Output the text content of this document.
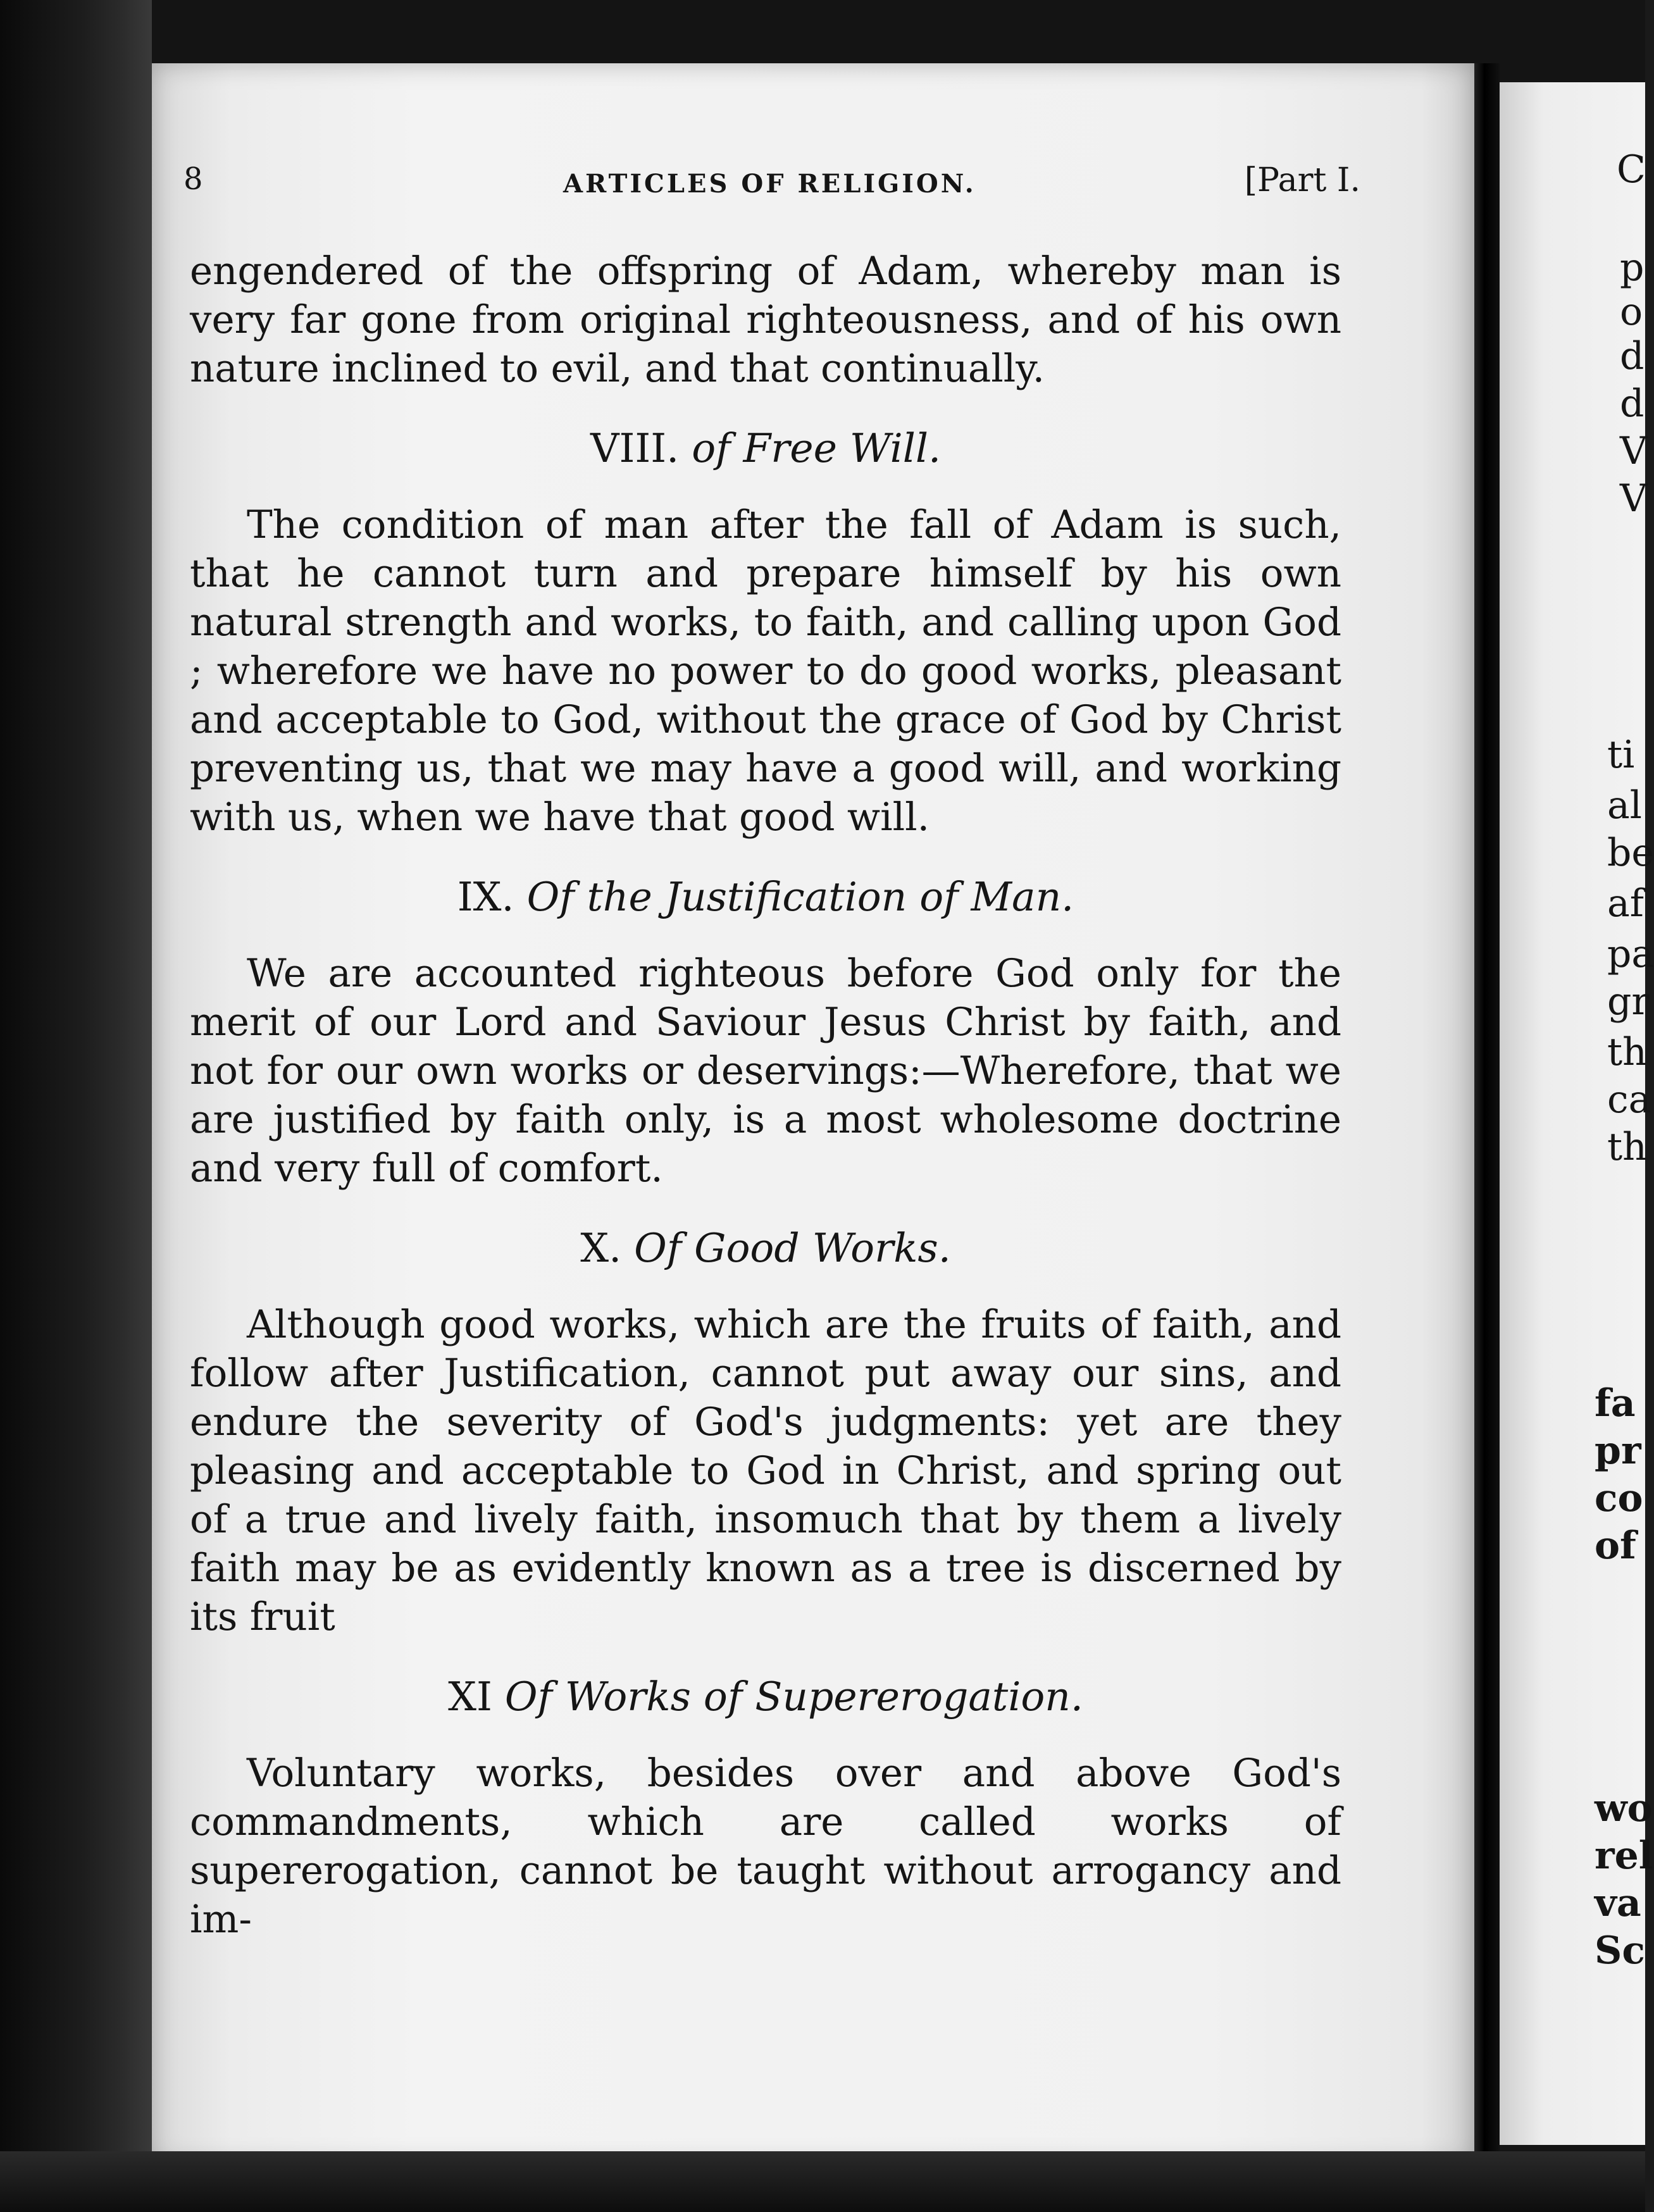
8	ARTICLES OF RELIGION.	[Part I.

engendered of the offspring of Adam, whereby man is very far gone from original righteousness, and of his own nature inclined to evil, and that continually.

VIII. of Free Will.

The condition of man after the fall of Adam is such, that he cannot turn and prepare himself by his own natural strength and works, to faith, and calling upon God ; wherefore we have no power to do good works, pleasant and acceptable to God, without the grace of God by Christ preventing us, that we may have a good will, and working with us, when we have that good will.

IX. Of the Justification of Man.

We are accounted righteous before God only for the merit of our Lord and Saviour Jesus Christ by faith, and not for our own works or deservings:—Wherefore, that we are justified by faith only, is a most wholesome doctrine and very full of comfort.

X. Of Good Works.

Although good works, which are the fruits of faith, and follow after Justification, cannot put away our sins, and endure the severity of God's judgments: yet are they pleasing and acceptable to God in Christ, and spring out of a true and lively faith, insomuch that by them a lively faith may be as evidently known as a tree is discerned by its fruit

XI Of Works of Supererogation.

Voluntary works, besides over and above God's commandments, which are called works of supererogation, cannot be taught without arrogancy and im-

C
p
o
d
d
V
V
ti
al
be
af
pa
gr
th
ca
th
fa
pr
co
of
wo
rel
va
Sc
